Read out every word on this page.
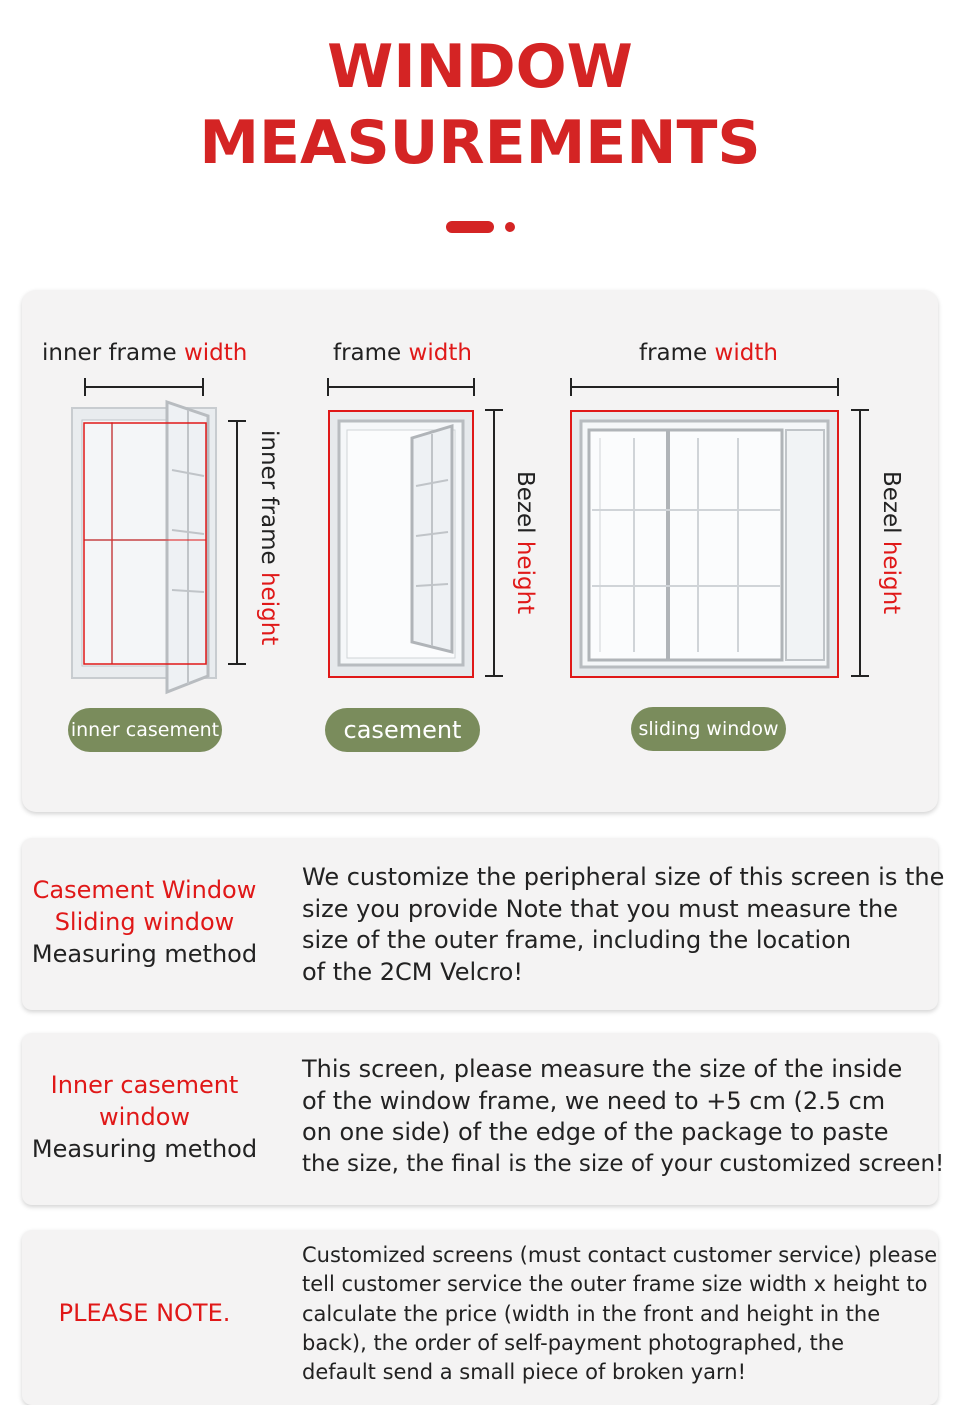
WINDOW
MEASUREMENTS
inner frame width	frame width	frame width
inner frame height
Bezel height
Bezel height
inner casement	casement	sliding window
Casement Window
Sliding window
Measuring method
We customize the peripheral size of this screen is the
size you provide Note that you must measure the
size of the outer frame, including the location
of the 2CM Velcro!
Inner casement
window
Measuring method
This screen, please measure the size of the inside
of the window frame, we need to +5 cm (2.5 cm
on one side) of the edge of the package to paste
the size, the final is the size of your customized screen!
PLEASE NOTE.
Customized screens (must contact customer service) please
tell customer service the outer frame size width x height to
calculate the price (width in the front and height in the
back), the order of self-payment photographed, the
default send a small piece of broken yarn!
